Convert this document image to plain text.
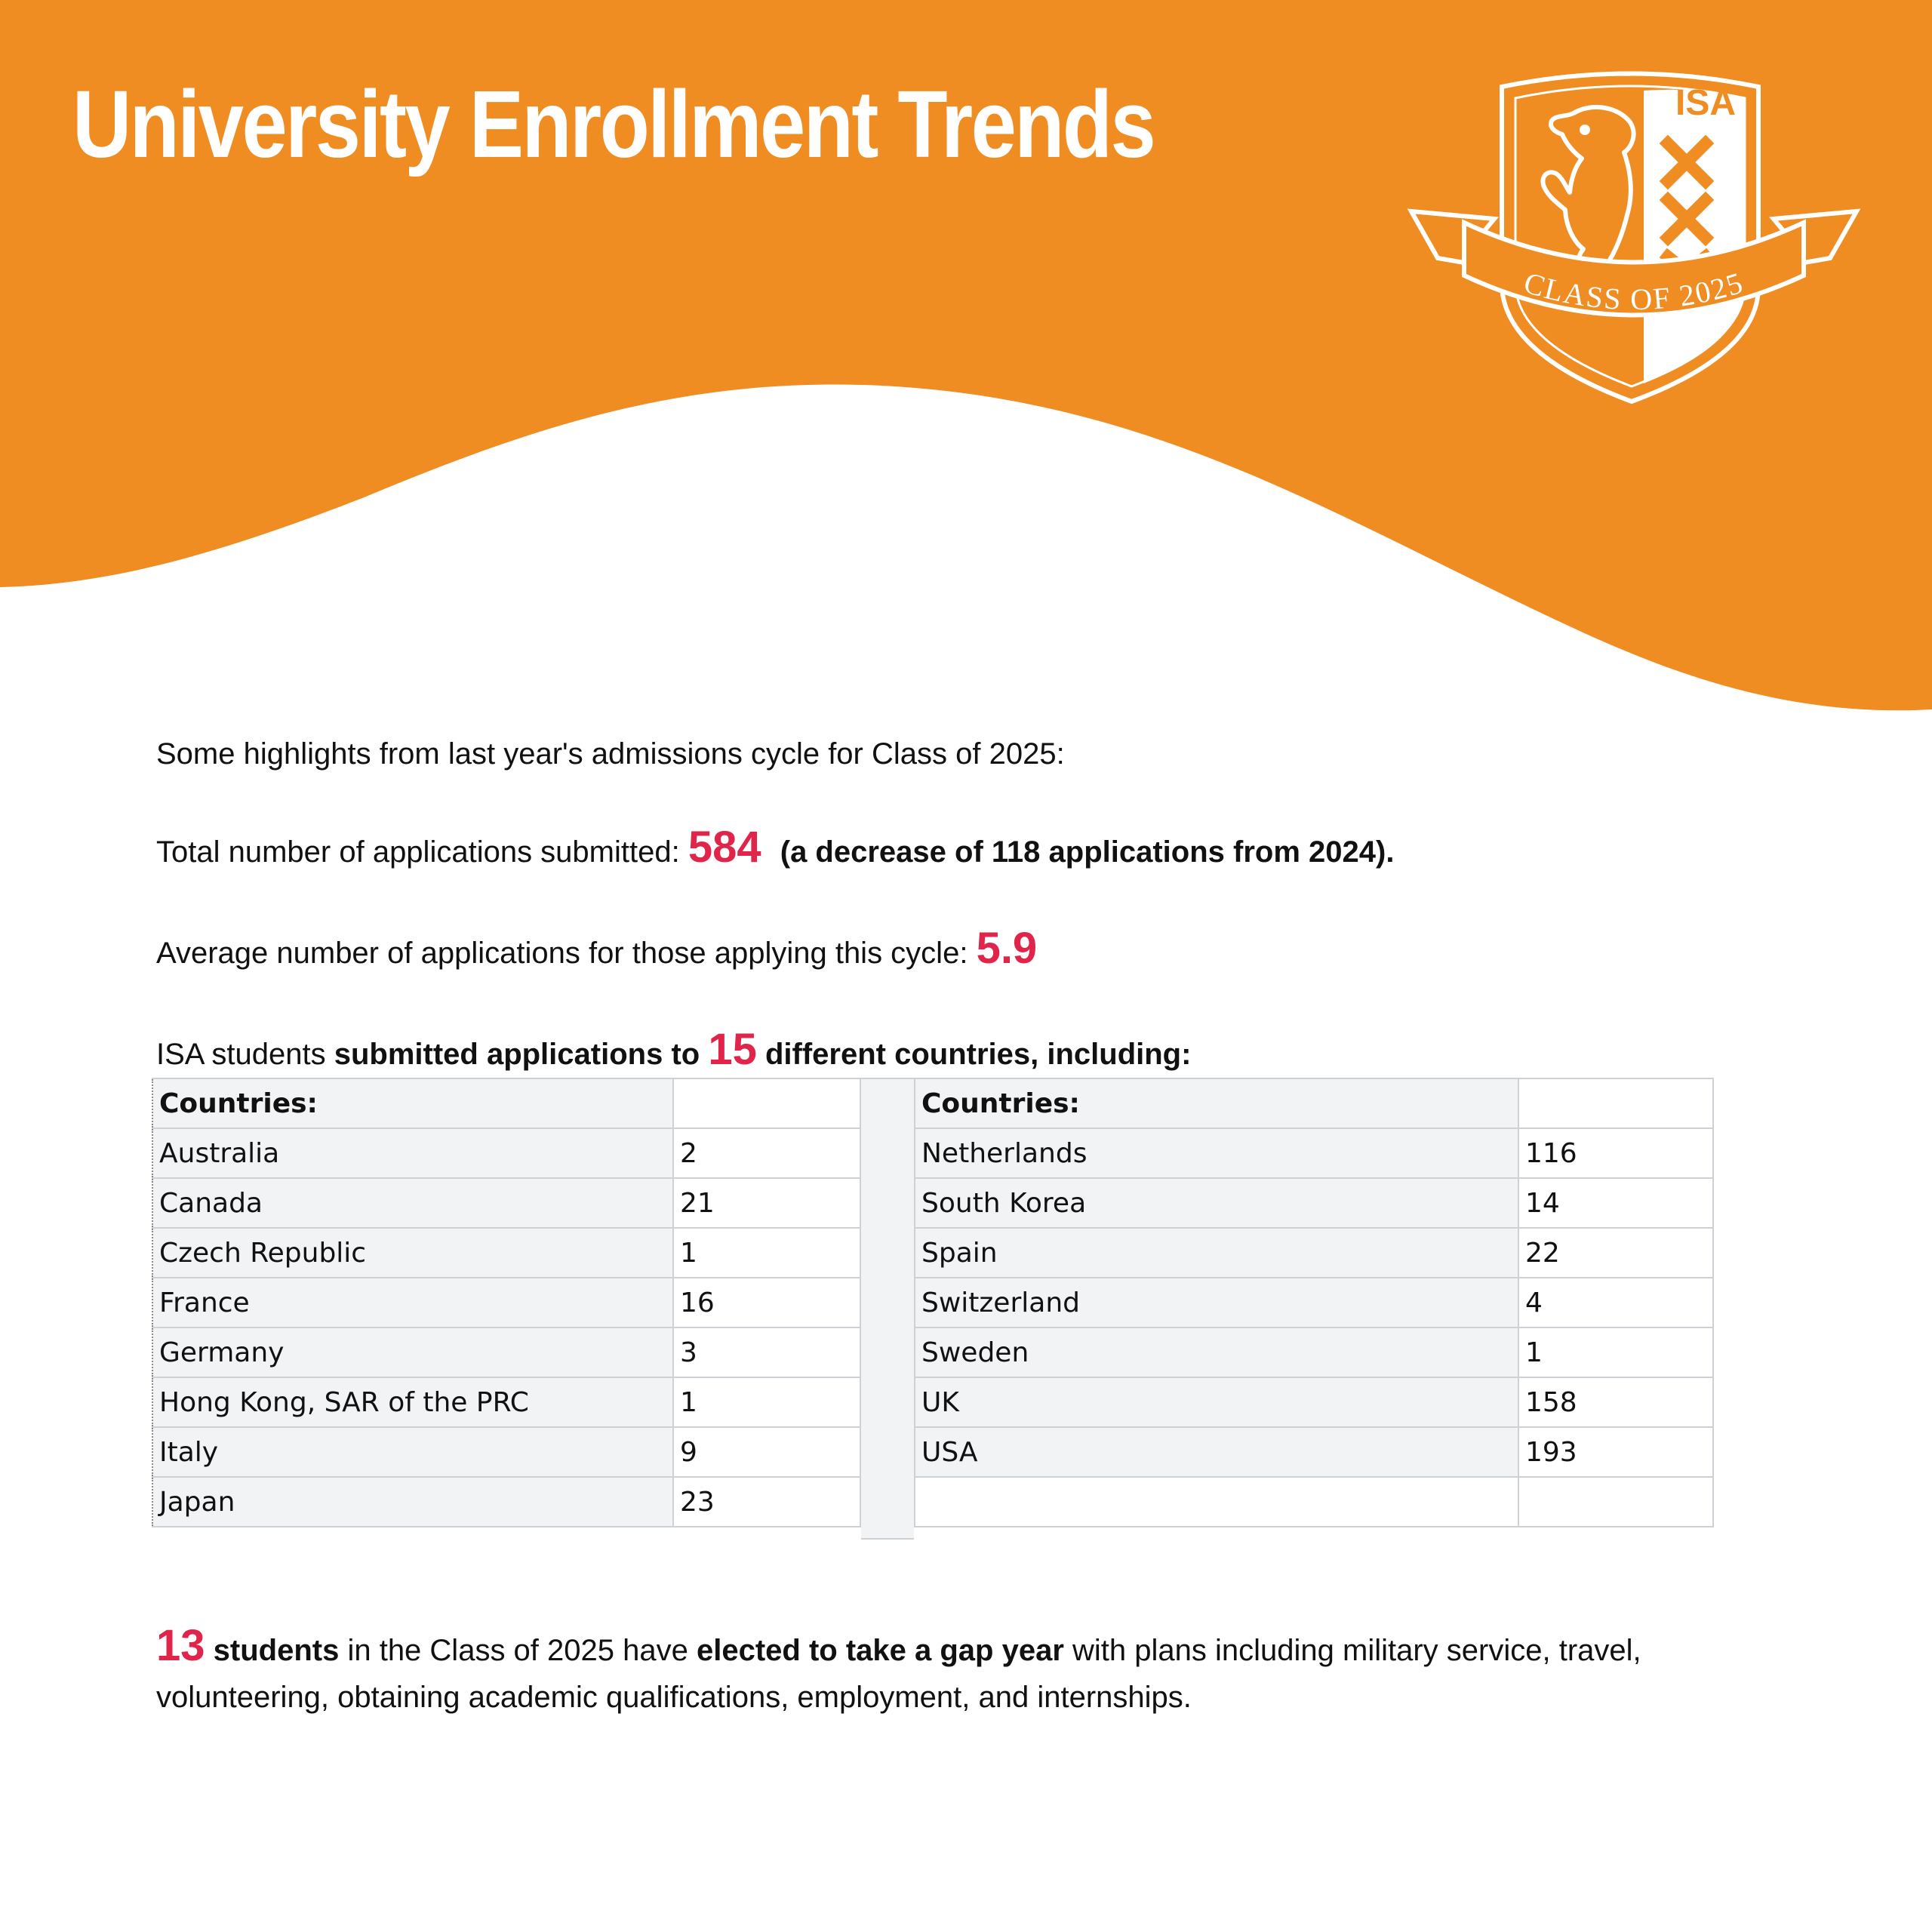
University Enrollment Trends	ISA
CLASS OF 2025

Some highlights from last year's admissions cycle for Class of 2025:

Total number of applications submitted: 584 (a decrease of 118 applications from 2024).

Average number of applications for those applying this cycle: 5.9

ISA students submitted applications to 15 different countries, including:

Countries:	
Australia	2
Canada	21
Czech Republic	1
France	16
Germany	3
Hong Kong, SAR of the PRC	1
Italy	9
Japan	23
Countries:	
Netherlands	116
South Korea	14
Spain	22
Switzerland	4
Sweden	1
UK	158
USA	193

13 students in the Class of 2025 have elected to take a gap year with plans including military service, travel, volunteering, obtaining academic qualifications, employment, and internships.
